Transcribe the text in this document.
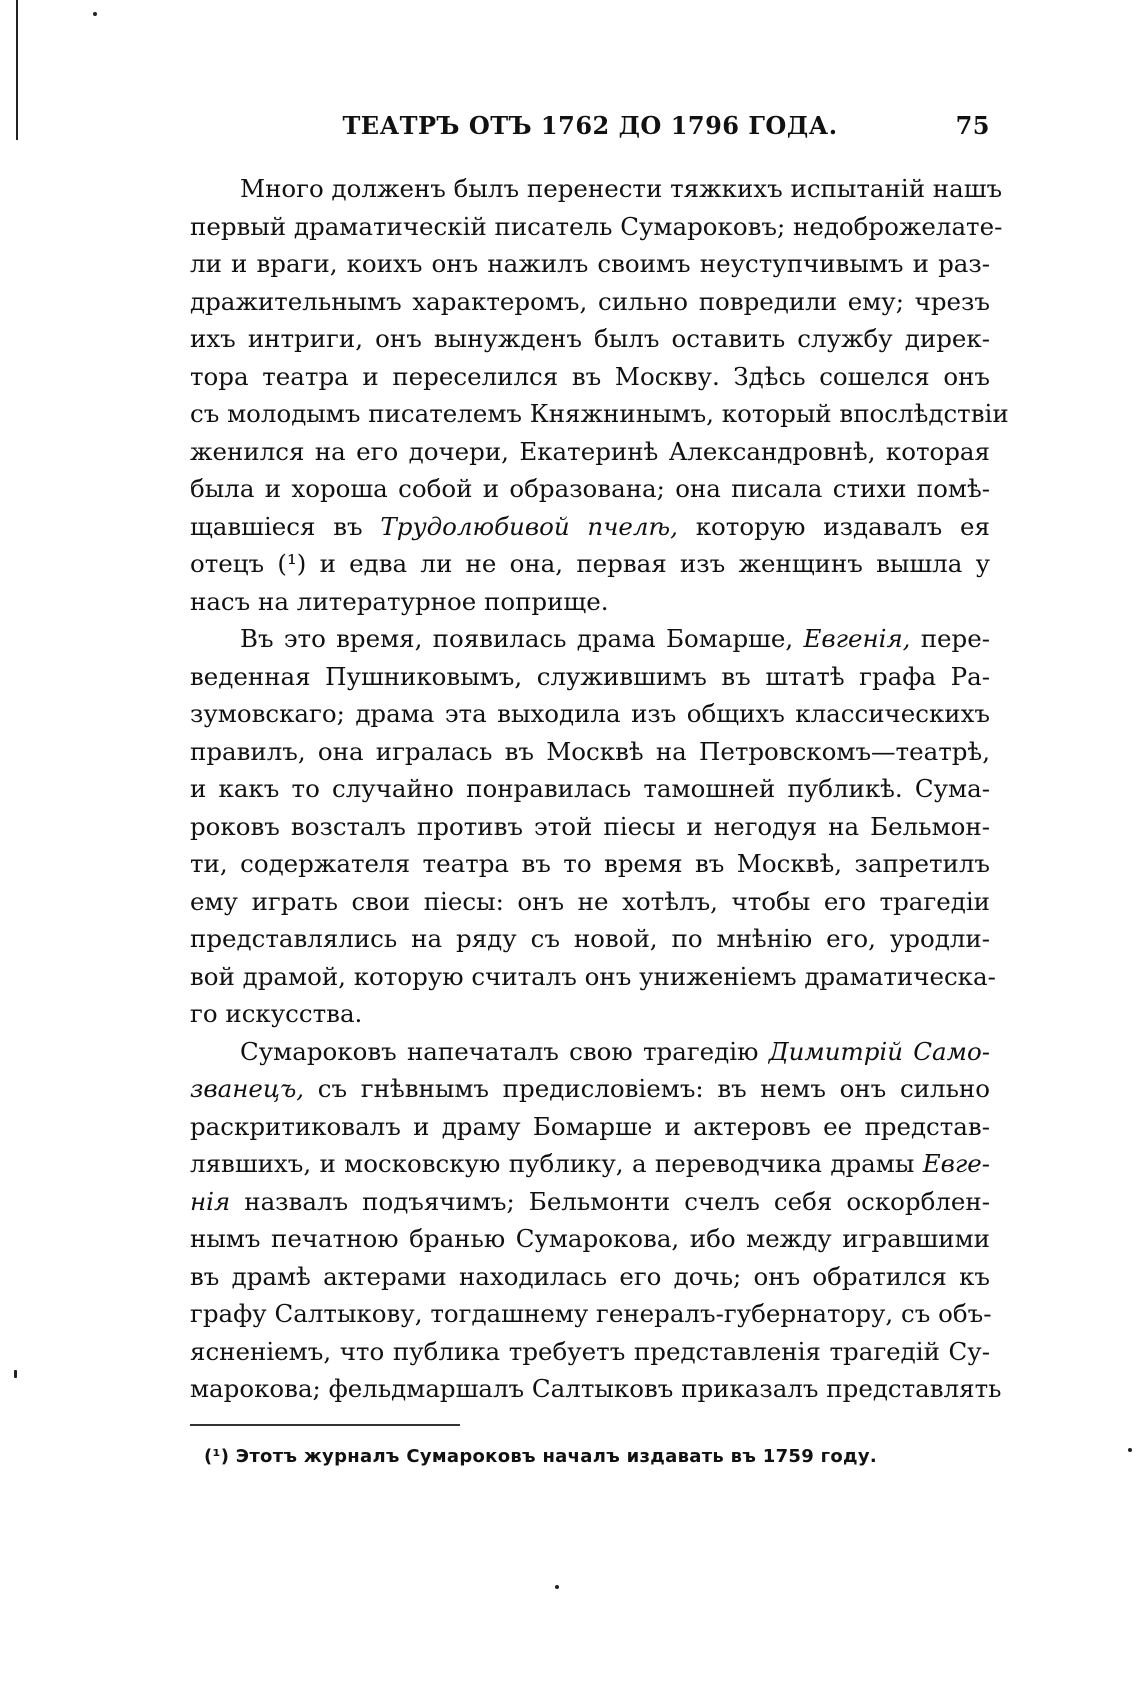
ТЕАТРЪ ОТЪ 1762 ДО 1796 ГОДА.	75
Много долженъ былъ перенести тяжкихъ испытанiй нашъ
первый драматическiй писатель Сумароковъ; недоброжелате-
ли и враги, коихъ онъ нажилъ своимъ неуступчивымъ и раз-
дражительнымъ характеромъ, сильно повредили ему; чрезъ
ихъ интриги, онъ вынужденъ былъ оставить службу дирек-
тора театра и переселился въ Москву. Здѣсь сошелся онъ
съ молодымъ писателемъ Княжнинымъ, который впослѣдствiи
женился на его дочери, Екатеринѣ Александровнѣ, которая
была и хороша собой и образована; она писала стихи помѣ-
щавшiеся въ Трудолюбивой пчелѣ, которую издавалъ ея
отецъ (¹) и едва ли не она, первая изъ женщинъ вышла у
насъ на литературное поприще.
Въ это время, появилась драма Бомарше, Евгенiя, пере-
веденная Пушниковымъ, служившимъ въ штатѣ графа Ра-
зумовскаго; драма эта выходила изъ общихъ классическихъ
правилъ, она игралась въ Москвѣ на Петровскомъ—театрѣ,
и какъ то случайно понравилась тамошней публикѣ. Сума-
роковъ возсталъ противъ этой пiесы и негодуя на Бельмон-
ти, содержателя театра въ то время въ Москвѣ, запретилъ
ему играть свои пiесы: онъ не хотѣлъ, чтобы его трагедiи
представлялись на ряду съ новой, по мнѣнiю его, уродли-
вой драмой, которую считалъ онъ униженiемъ драматическа-
го искусства.
Сумароковъ напечаталъ свою трагедiю Димитрiй Само-
званецъ, съ гнѣвнымъ предисловiемъ: въ немъ онъ сильно
раскритиковалъ и драму Бомарше и актеровъ ее представ-
лявшихъ, и московскую публику, а переводчика драмы Евге-
нiя назвалъ подъячимъ; Бельмонти счелъ себя оскорблен-
нымъ печатною бранью Сумарокова, ибо между игравшими
въ драмѣ актерами находилась его дочь; онъ обратился къ
графу Салтыкову, тогдашнему генералъ-губернатору, съ объ-
ясненiемъ, что публика требуетъ представленiя трагедiй Су-
марокова; фельдмаршалъ Салтыковъ приказалъ представлять
(¹) Этотъ журналъ Сумароковъ началъ издавать въ 1759 году.
